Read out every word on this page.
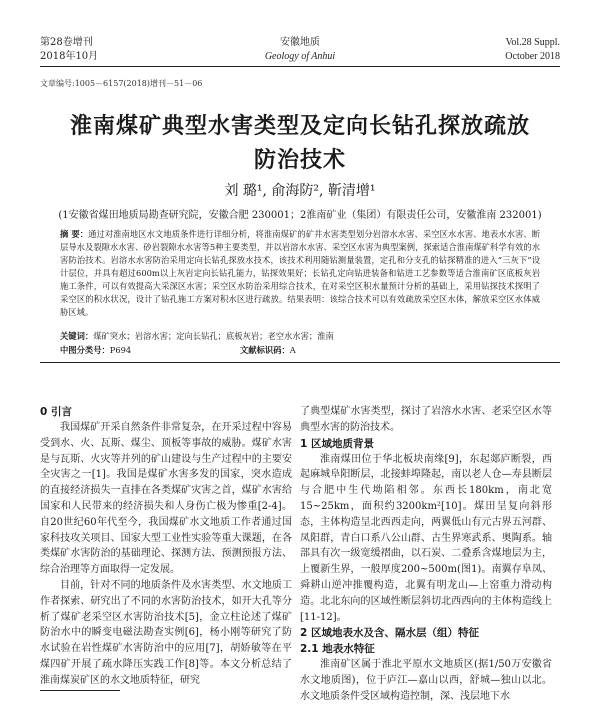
第28卷增刊
2018年10月
安徽地质
Geology of Anhui
Vol.28 Suppl.
October 2018
文章编号:1005－6157(2018)增刊－51－06
淮南煤矿典型水害类型及定向长钻孔探放疏放
防治技术
刘 璐¹, 俞海防², 靳清增¹
(1安徽省煤田地质局勘查研究院，安徽合肥 230001；2淮南矿业（集团）有限责任公司，安徽淮南 232001)
摘 要：通过对淮南地区水文地质条件进行详细分析，将淮南煤矿的矿井水害类型划分岩溶水水害、采空区水水害、地表水水害、断层导水及裂隙水水害、砂岩裂隙水水害等5种主要类型，并以岩溶水水害、采空区水害为典型案例，探索适合淮南煤矿科学有效的水害防治技术。岩溶水水害防治采用定向长钻孔探放水技术，该技术利用随钻测量装置，定孔和分支孔的钻探精准的进入“三灰下”设计层位，并具有超过600m以上灰岩定向长钻孔能力，钻探效果好；长钻孔定向钻进装备和钻进工艺参数等适合淮南矿区底板灰岩施工条件，可以有效提高大采深区水害；采空区水防治采用综合技术，在对采空区积水量预计分析的基础上，采用钻探技术探明了采空区的积水状况，设计了钻孔施工方案对积水区进行疏放。结果表明：该综合技术可以有效疏放采空区水体，解放采空区水体威胁区域。
关键词：煤矿突水；岩溶水害；定向长钻孔；底板灰岩；老空水水害；淮南
中图分类号：P694	文献标识码：A
0 引言

我国煤矿开采自然条件非常复杂，在开采过程中容易受到水、火、瓦斯、煤尘、顶板等事故的威胁。煤矿水害是与瓦斯、火灾等并列的矿山建设与生产过程中的主要安全灾害之一[1]。我国是煤矿水害多发的国家，突水造成的直接经济损失一直排在各类煤矿灾害之首，煤矿水害给国家和人民带来的经济损失和人身伤亡极为惨重[2-4]。自20世纪60年代至今，我国煤矿水文地质工作者通过国家科技攻关项目、国家大型工业性实验等重大课题，在各类煤矿水害防治的基础理论、探测方法、预测预报方法、综合治理等方面取得一定发展。

目前，针对不同的地质条件及水害类型、水文地质工作者探索、研究出了不同的水害防治技术，如开大孔等分析了煤矿老采空区水害防治技术[5]，金立柱论述了煤矿防治水中的瞬变电磁法勘查实例[6]，杨小刚等研究了防水试验在岩性煤矿水害防治中的应用[7]，胡娇敏等在平煤四矿开展了疏水降压实践工作[8]等。本文分析总结了淮南煤炭矿区的水文地质特征，研究

了典型煤矿水害类型，探讨了岩溶水水害、老采空区水等典型水害的防治技术。

1 区域地质背景

淮南煤田位于华北板块南缘[9]，东起郯庐断裂，西起麻城阜阳断层，北接蚌埠隆起，南以老人仓—寿县断层与合肥中生代坳陷相邻。东西长180km，南北宽15~25km，面积约3200km²[10]。煤田呈复向斜形态，主体构造呈北西西走向，两翼低山有元古界五河群、凤阳群，青白口系八公山群、古生界寒武系、奥陶系。轴部具有次一级宽缓褶曲，以石炭、二叠系含煤地层为主，上覆新生界，一般厚度200~500m(图1)。南翼存阜凤、舜耕山逆冲推覆构造，北翼有明龙山—上窑重力滑动构造。北北东向的区域性断层斜切北西西向的主体构造线上[11-12]。

2 区域地表水及含、隔水层（组）特征
2.1 地表水特征

淮南矿区属于淮北平原水文地质区(据1/50万安徽省水文地质图)，位于庐江—嘉山以西，舒城—独山以北。水文地质条件受区域构造控制，深、浅层地下水
